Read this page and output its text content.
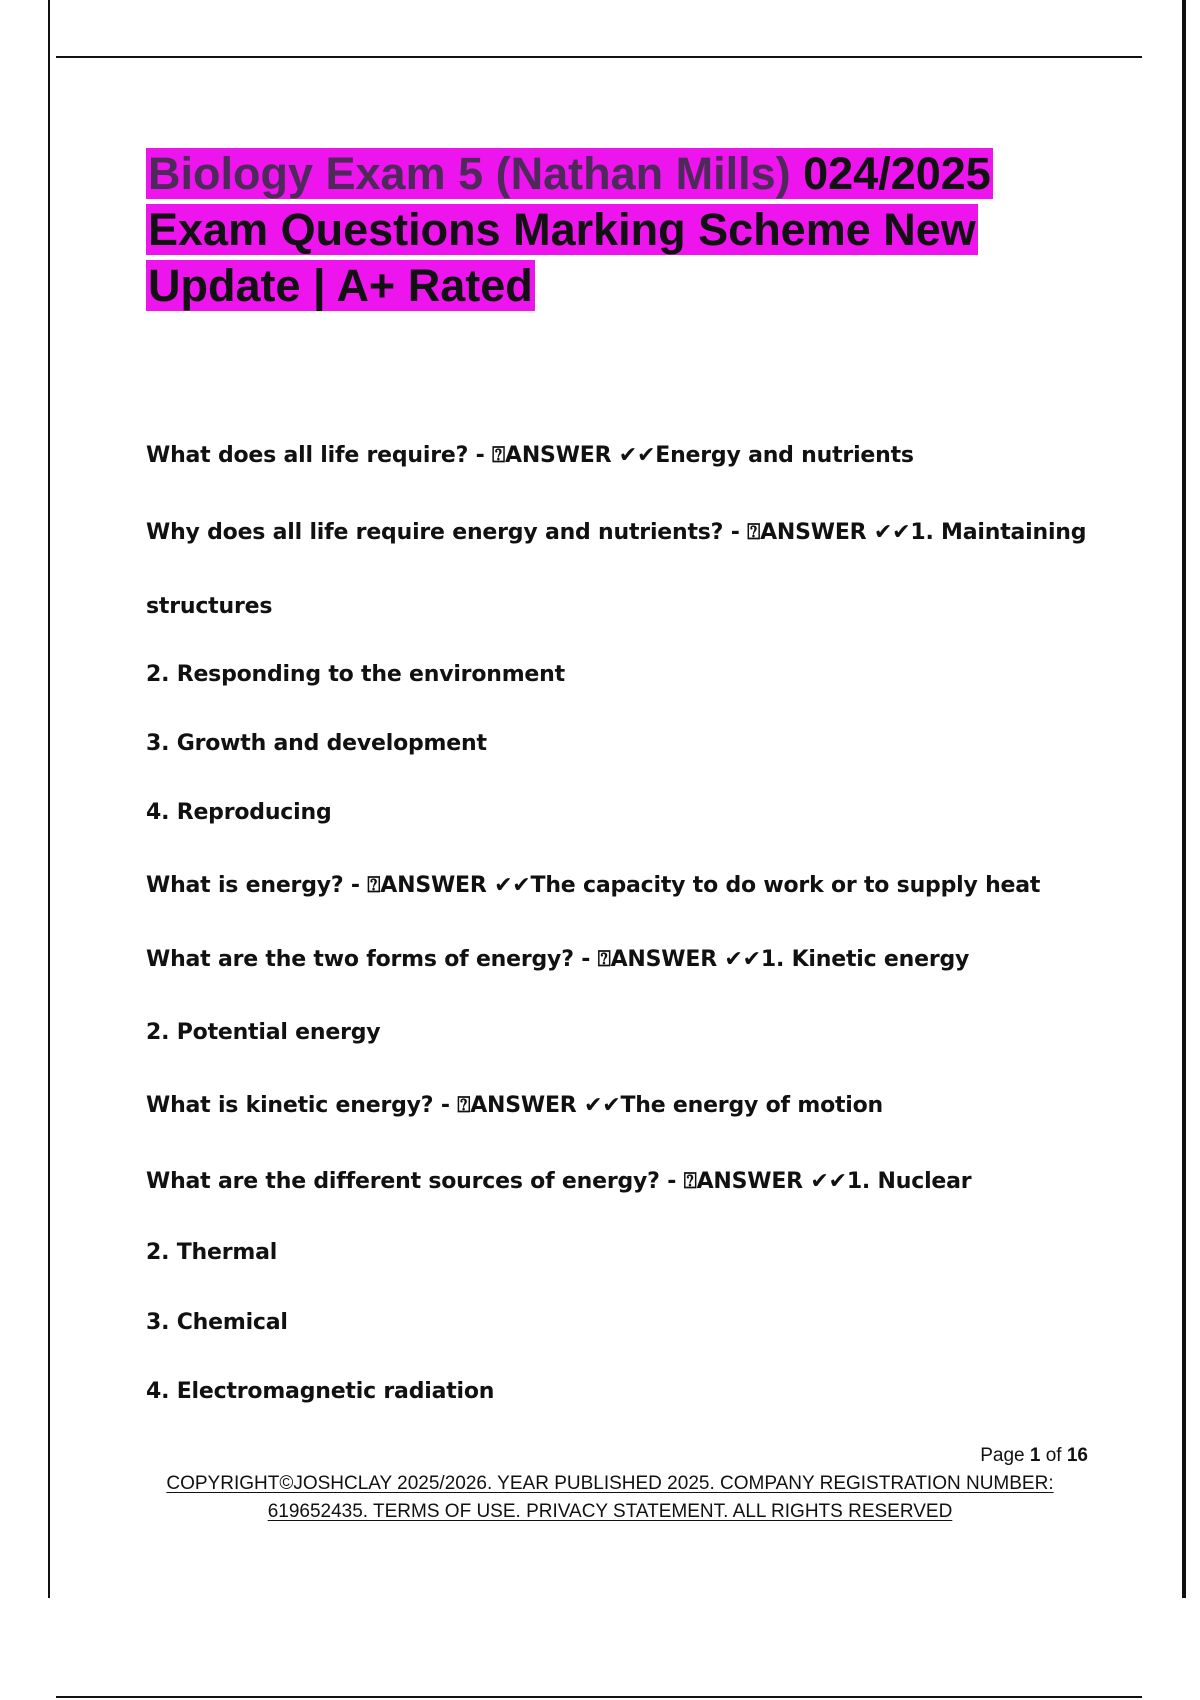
Biology Exam 5 (Nathan Mills) 024/2025 Exam Questions Marking Scheme New Update | A+ Rated

What does all life require? - ⍰ANSWER ✔✔Energy and nutrients

Why does all life require energy and nutrients? - ⍰ANSWER ✔✔1. Maintaining

structures

2. Responding to the environment

3. Growth and development

4. Reproducing

What is energy? - ⍰ANSWER ✔✔The capacity to do work or to supply heat

What are the two forms of energy? - ⍰ANSWER ✔✔1. Kinetic energy

2. Potential energy

What is kinetic energy? - ⍰ANSWER ✔✔The energy of motion

What are the different sources of energy? - ⍰ANSWER ✔✔1. Nuclear

2. Thermal

3. Chemical

4. Electromagnetic radiation

Page 1 of 16
COPYRIGHT©JOSHCLAY 2025/2026. YEAR PUBLISHED 2025. COMPANY REGISTRATION NUMBER:
619652435. TERMS OF USE. PRIVACY STATEMENT. ALL RIGHTS RESERVED
